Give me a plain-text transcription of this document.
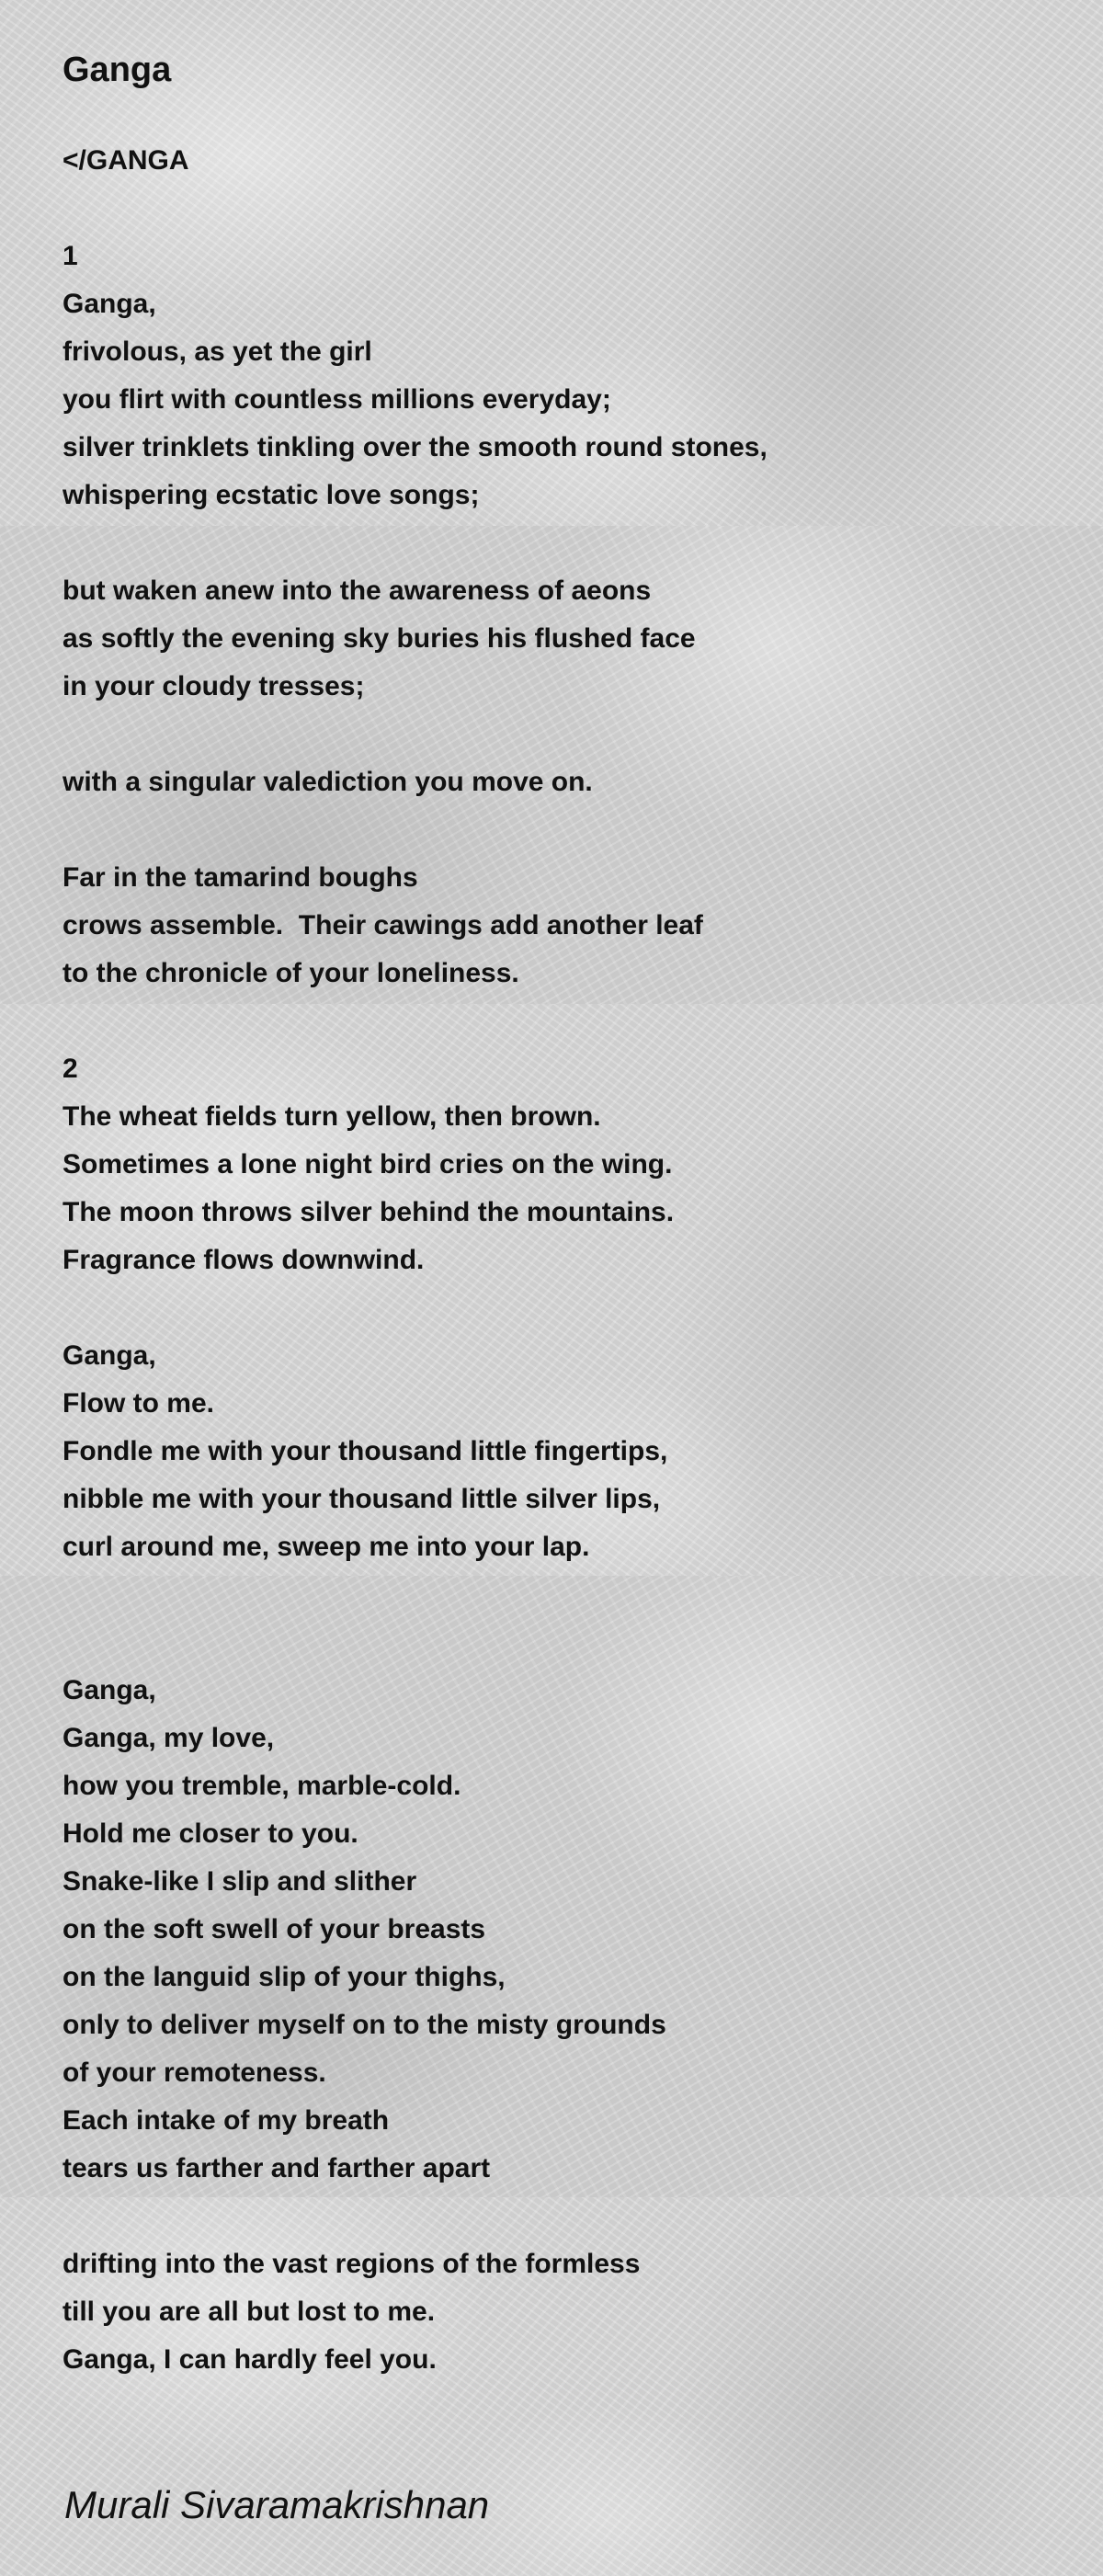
Ganga
</GANGA
1
Ganga,
frivolous, as yet the girl
you flirt with countless millions everyday;
silver trinklets tinkling over the smooth round stones,
whispering ecstatic love songs;
but waken anew into the awareness of aeons
as softly the evening sky buries his flushed face
in your cloudy tresses;
with a singular valediction you move on.
Far in the tamarind boughs
crows assemble.  Their cawings add another leaf
to the chronicle of your loneliness.
2
The wheat fields turn yellow, then brown.
Sometimes a lone night bird cries on the wing.
The moon throws silver behind the mountains.
Fragrance flows downwind.
Ganga,
Flow to me.
Fondle me with your thousand little fingertips,
nibble me with your thousand little silver lips,
curl around me, sweep me into your lap.
Ganga,
Ganga, my love,
how you tremble, marble-cold.
Hold me closer to you.
Snake-like I slip and slither
on the soft swell of your breasts
on the languid slip of your thighs,
only to deliver myself on to the misty grounds
of your remoteness.
Each intake of my breath
tears us farther and farther apart
drifting into the vast regions of the formless
till you are all but lost to me.
Ganga, I can hardly feel you.
Murali Sivaramakrishnan
